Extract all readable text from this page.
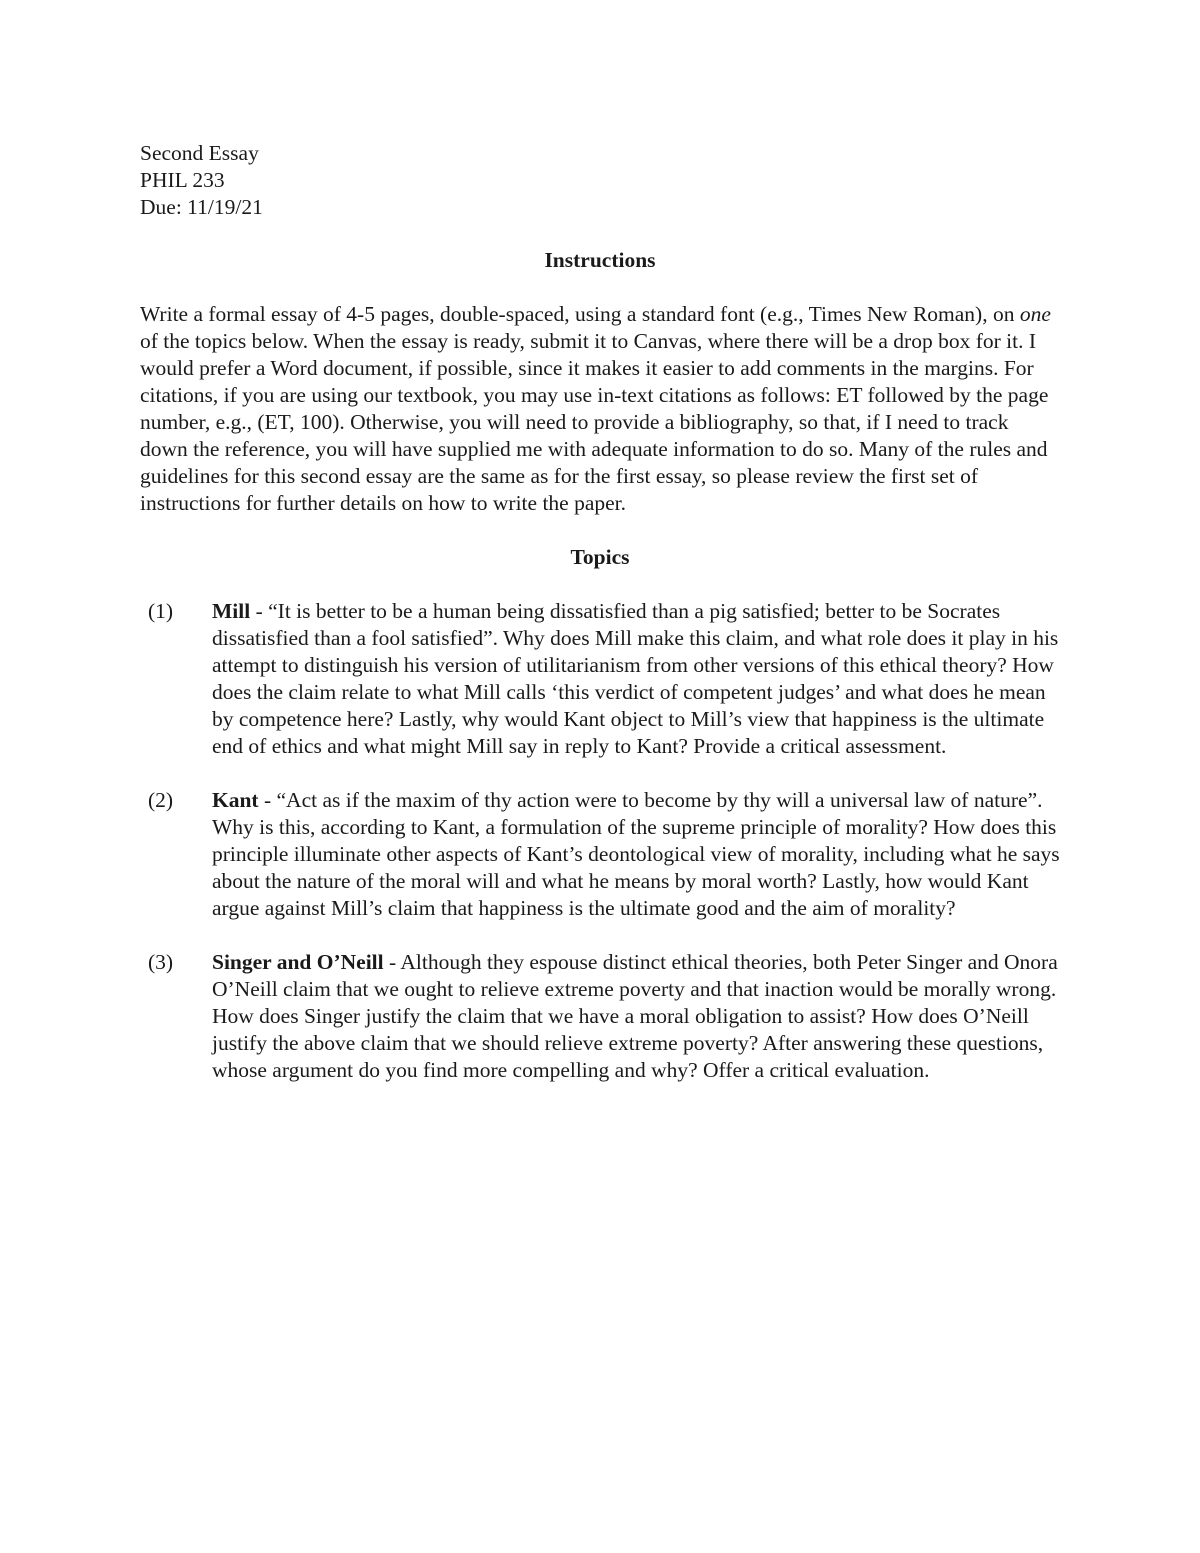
Second Essay
PHIL 233
Due: 11/19/21

Instructions

Write a formal essay of 4-5 pages, double-spaced, using a standard font (e.g., Times New Roman), on one of the topics below. When the essay is ready, submit it to Canvas, where there will be a drop box for it. I would prefer a Word document, if possible, since it makes it easier to add comments in the margins. For citations, if you are using our textbook, you may use in-text citations as follows: ET followed by the page number, e.g., (ET, 100). Otherwise, you will need to provide a bibliography, so that, if I need to track down the reference, you will have supplied me with adequate information to do so. Many of the rules and guidelines for this second essay are the same as for the first essay, so please review the first set of instructions for further details on how to write the paper.

Topics

(1) Mill - “It is better to be a human being dissatisfied than a pig satisfied; better to be Socrates dissatisfied than a fool satisfied”. Why does Mill make this claim, and what role does it play in his attempt to distinguish his version of utilitarianism from other versions of this ethical theory? How does the claim relate to what Mill calls ‘this verdict of competent judges’ and what does he mean by competence here? Lastly, why would Kant object to Mill’s view that happiness is the ultimate end of ethics and what might Mill say in reply to Kant? Provide a critical assessment.
(2) Kant - “Act as if the maxim of thy action were to become by thy will a universal law of nature”. Why is this, according to Kant, a formulation of the supreme principle of morality? How does this principle illuminate other aspects of Kant’s deontological view of morality, including what he says about the nature of the moral will and what he means by moral worth? Lastly, how would Kant argue against Mill’s claim that happiness is the ultimate good and the aim of morality?
(3) Singer and O’Neill - Although they espouse distinct ethical theories, both Peter Singer and Onora O’Neill claim that we ought to relieve extreme poverty and that inaction would be morally wrong. How does Singer justify the claim that we have a moral obligation to assist? How does O’Neill justify the above claim that we should relieve extreme poverty? After answering these questions, whose argument do you find more compelling and why? Offer a critical evaluation.
